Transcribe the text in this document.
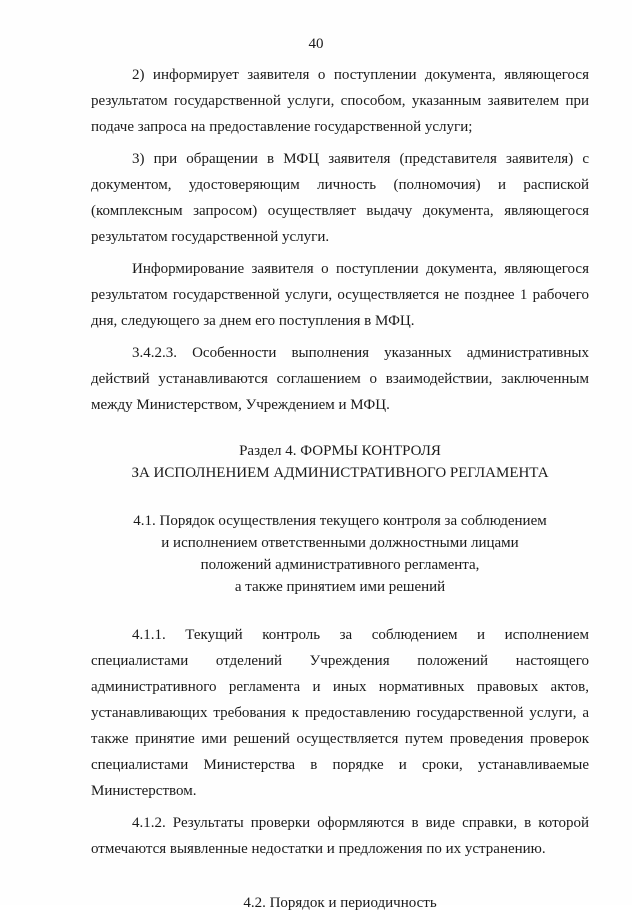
40

2) информирует заявителя о поступлении документа, являющегося результатом государственной услуги, способом, указанным заявителем при подаче запроса на предоставление государственной услуги;

3) при обращении в МФЦ заявителя (представителя заявителя) с документом, удостоверяющим личность (полномочия) и распиской (комплексным запросом) осуществляет выдачу документа, являющегося результатом государственной услуги.

Информирование заявителя о поступлении документа, являющегося результатом государственной услуги, осуществляется не позднее 1 рабочего дня, следующего за днем его поступления в МФЦ.

3.4.2.3. Особенности выполнения указанных административных действий устанавливаются соглашением о взаимодействии, заключенным между Министерством, Учреждением и МФЦ.

Раздел 4. ФОРМЫ КОНТРОЛЯ
ЗА ИСПОЛНЕНИЕМ АДМИНИСТРАТИВНОГО РЕГЛАМЕНТА
4.1. Порядок осуществления текущего контроля за соблюдением
и исполнением ответственными должностными лицами
положений административного регламента,
а также принятием ими решений

4.1.1. Текущий контроль за соблюдением и исполнением специалистами отделений Учреждения положений настоящего административного регламента и иных нормативных правовых актов, устанавливающих требования к предоставлению государственной услуги, а также принятие ими решений осуществляется путем проведения проверок специалистами Министерства в порядке и сроки, устанавливаемые Министерством.

4.1.2. Результаты проверки оформляются в виде справки, в которой отмечаются выявленные недостатки и предложения по их устранению.

4.2. Порядок и периодичность
